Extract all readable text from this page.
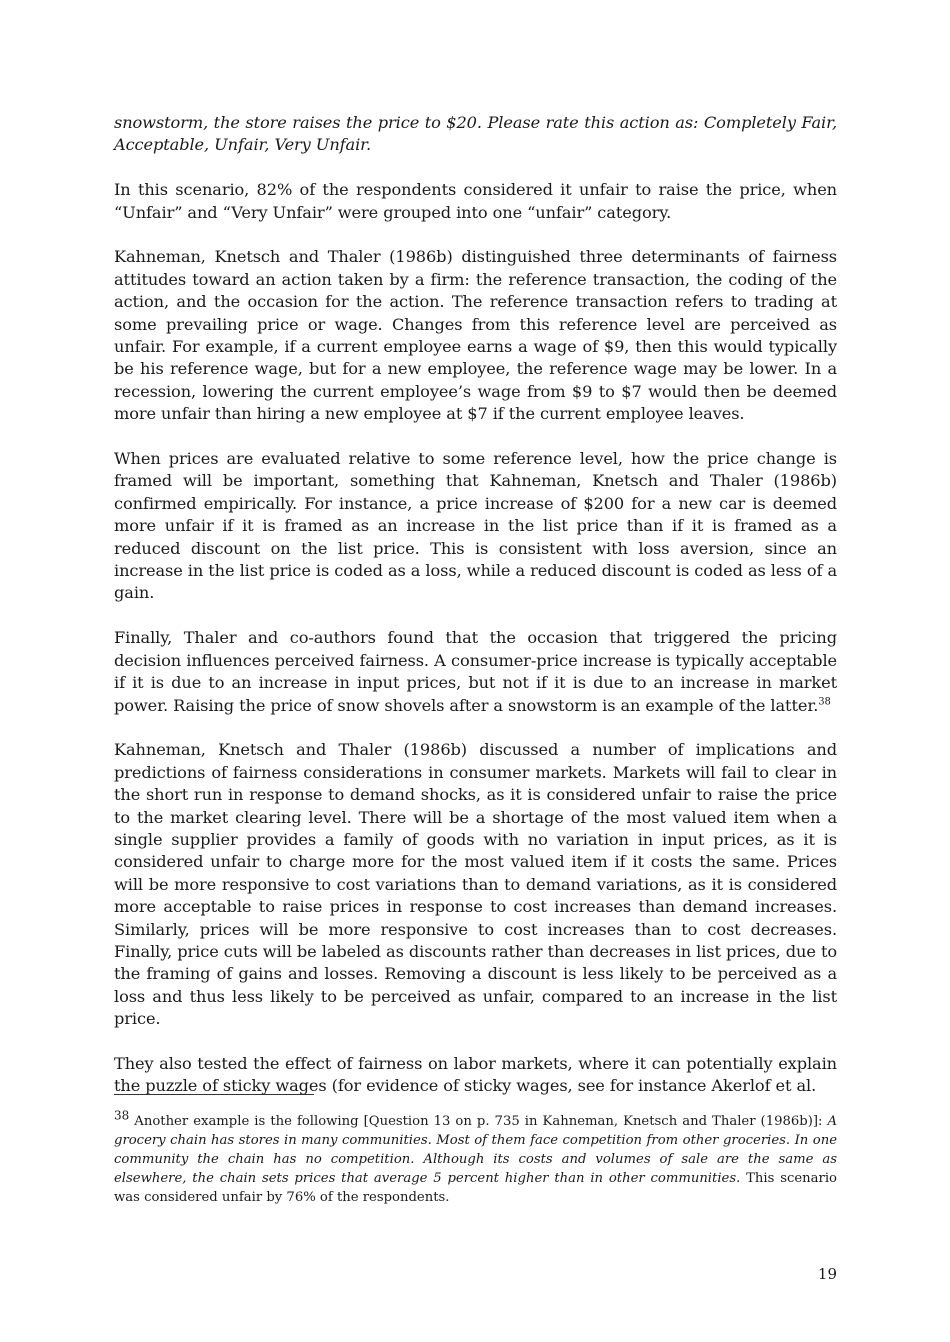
snowstorm, the store raises the price to $20. Please rate this action as: Completely Fair, Acceptable, Unfair, Very Unfair.

In this scenario, 82% of the respondents considered it unfair to raise the price, when “Unfair” and “Very Unfair” were grouped into one “unfair” category.

Kahneman, Knetsch and Thaler (1986b) distinguished three determinants of fairness attitudes toward an action taken by a firm: the reference transaction, the coding of the action, and the occasion for the action. The reference transaction refers to trading at some prevailing price or wage. Changes from this reference level are perceived as unfair. For example, if a current employee earns a wage of $9, then this would typically be his reference wage, but for a new employee, the reference wage may be lower. In a recession, lowering the current employee’s wage from $9 to $7 would then be deemed more unfair than hiring a new employee at $7 if the current employee leaves.

When prices are evaluated relative to some reference level, how the price change is framed will be important, something that Kahneman, Knetsch and Thaler (1986b) confirmed empirically. For instance, a price increase of $200 for a new car is deemed more unfair if it is framed as an increase in the list price than if it is framed as a reduced discount on the list price. This is consistent with loss aversion, since an increase in the list price is coded as a loss, while a reduced discount is coded as less of a gain.

Finally, Thaler and co-authors found that the occasion that triggered the pricing decision influences perceived fairness. A consumer-price increase is typically acceptable if it is due to an increase in input prices, but not if it is due to an increase in market power. Raising the price of snow shovels after a snowstorm is an example of the latter.$^{38}$

Kahneman, Knetsch and Thaler (1986b) discussed a number of implications and predictions of fairness considerations in consumer markets. Markets will fail to clear in the short run in response to demand shocks, as it is considered unfair to raise the price to the market clearing level. There will be a shortage of the most valued item when a single supplier provides a family of goods with no variation in input prices, as it is considered unfair to charge more for the most valued item if it costs the same. Prices will be more responsive to cost variations than to demand variations, as it is considered more acceptable to raise prices in response to cost increases than demand increases. Similarly, prices will be more responsive to cost increases than to cost decreases. Finally, price cuts will be labeled as discounts rather than decreases in list prices, due to the framing of gains and losses. Removing a discount is less likely to be perceived as a loss and thus less likely to be perceived as unfair, compared to an increase in the list price.

They also tested the effect of fairness on labor markets, where it can potentially explain the puzzle of sticky wages (for evidence of sticky wages, see for instance Akerlof et al.

38 Another example is the following [Question 13 on p. 735 in Kahneman, Knetsch and Thaler (1986b)]: A grocery chain has stores in many communities. Most of them face competition from other groceries. In one community the chain has no competition. Although its costs and volumes of sale are the same as elsewhere, the chain sets prices that average 5 percent higher than in other communities. This scenario was considered unfair by 76% of the respondents.
19
